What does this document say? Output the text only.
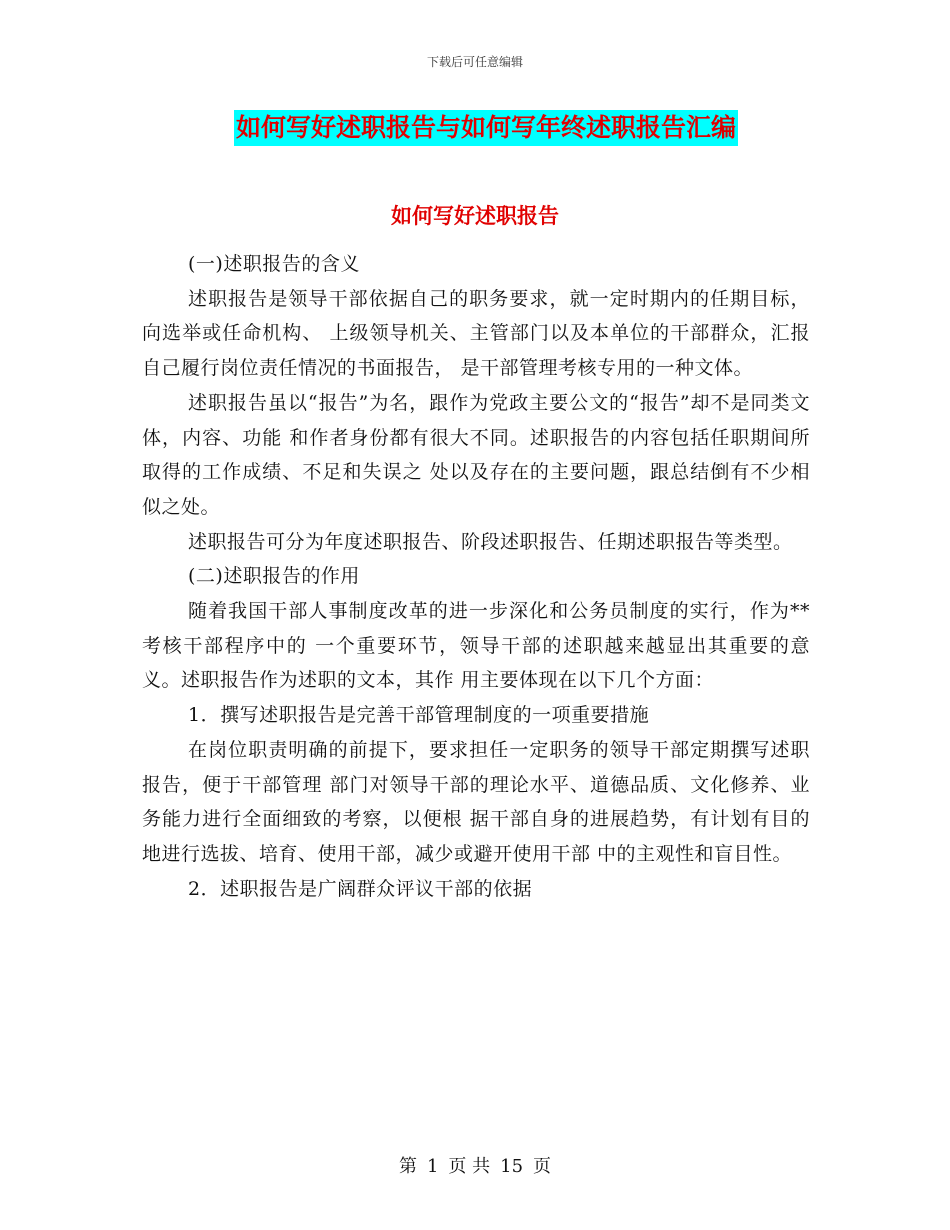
下载后可任意编辑
如何写好述职报告与如何写年终述职报告汇编
如何写好述职报告

(一)述职报告的含义

述职报告是领导干部依据自己的职务要求，就一定时期内的任期目标，向选举或任命机构、 上级领导机关、主管部门以及本单位的干部群众，汇报自己履行岗位责任情况的书面报告， 是干部管理考核专用的一种文体。

述职报告虽以“报告”为名，跟作为党政主要公文的“报告”却不是同类文体，内容、功能 和作者身份都有很大不同。述职报告的内容包括任职期间所取得的工作成绩、不足和失误之 处以及存在的主要问题，跟总结倒有不少相似之处。

述职报告可分为年度述职报告、阶段述职报告、任期述职报告等类型。

(二)述职报告的作用

随着我国干部人事制度改革的进一步深化和公务员制度的实行，作为**考核干部程序中的 一个重要环节，领导干部的述职越来越显出其重要的意义。述职报告作为述职的文本，其作 用主要体现在以下几个方面：

1．撰写述职报告是完善干部管理制度的一项重要措施

在岗位职责明确的前提下，要求担任一定职务的领导干部定期撰写述职报告，便于干部管理 部门对领导干部的理论水平、道德品质、文化修养、业务能力进行全面细致的考察，以便根 据干部自身的进展趋势，有计划有目的地进行选拔、培育、使用干部，减少或避开使用干部 中的主观性和盲目性。

2．述职报告是广阔群众评议干部的依据

第 1 页 共 15 页
